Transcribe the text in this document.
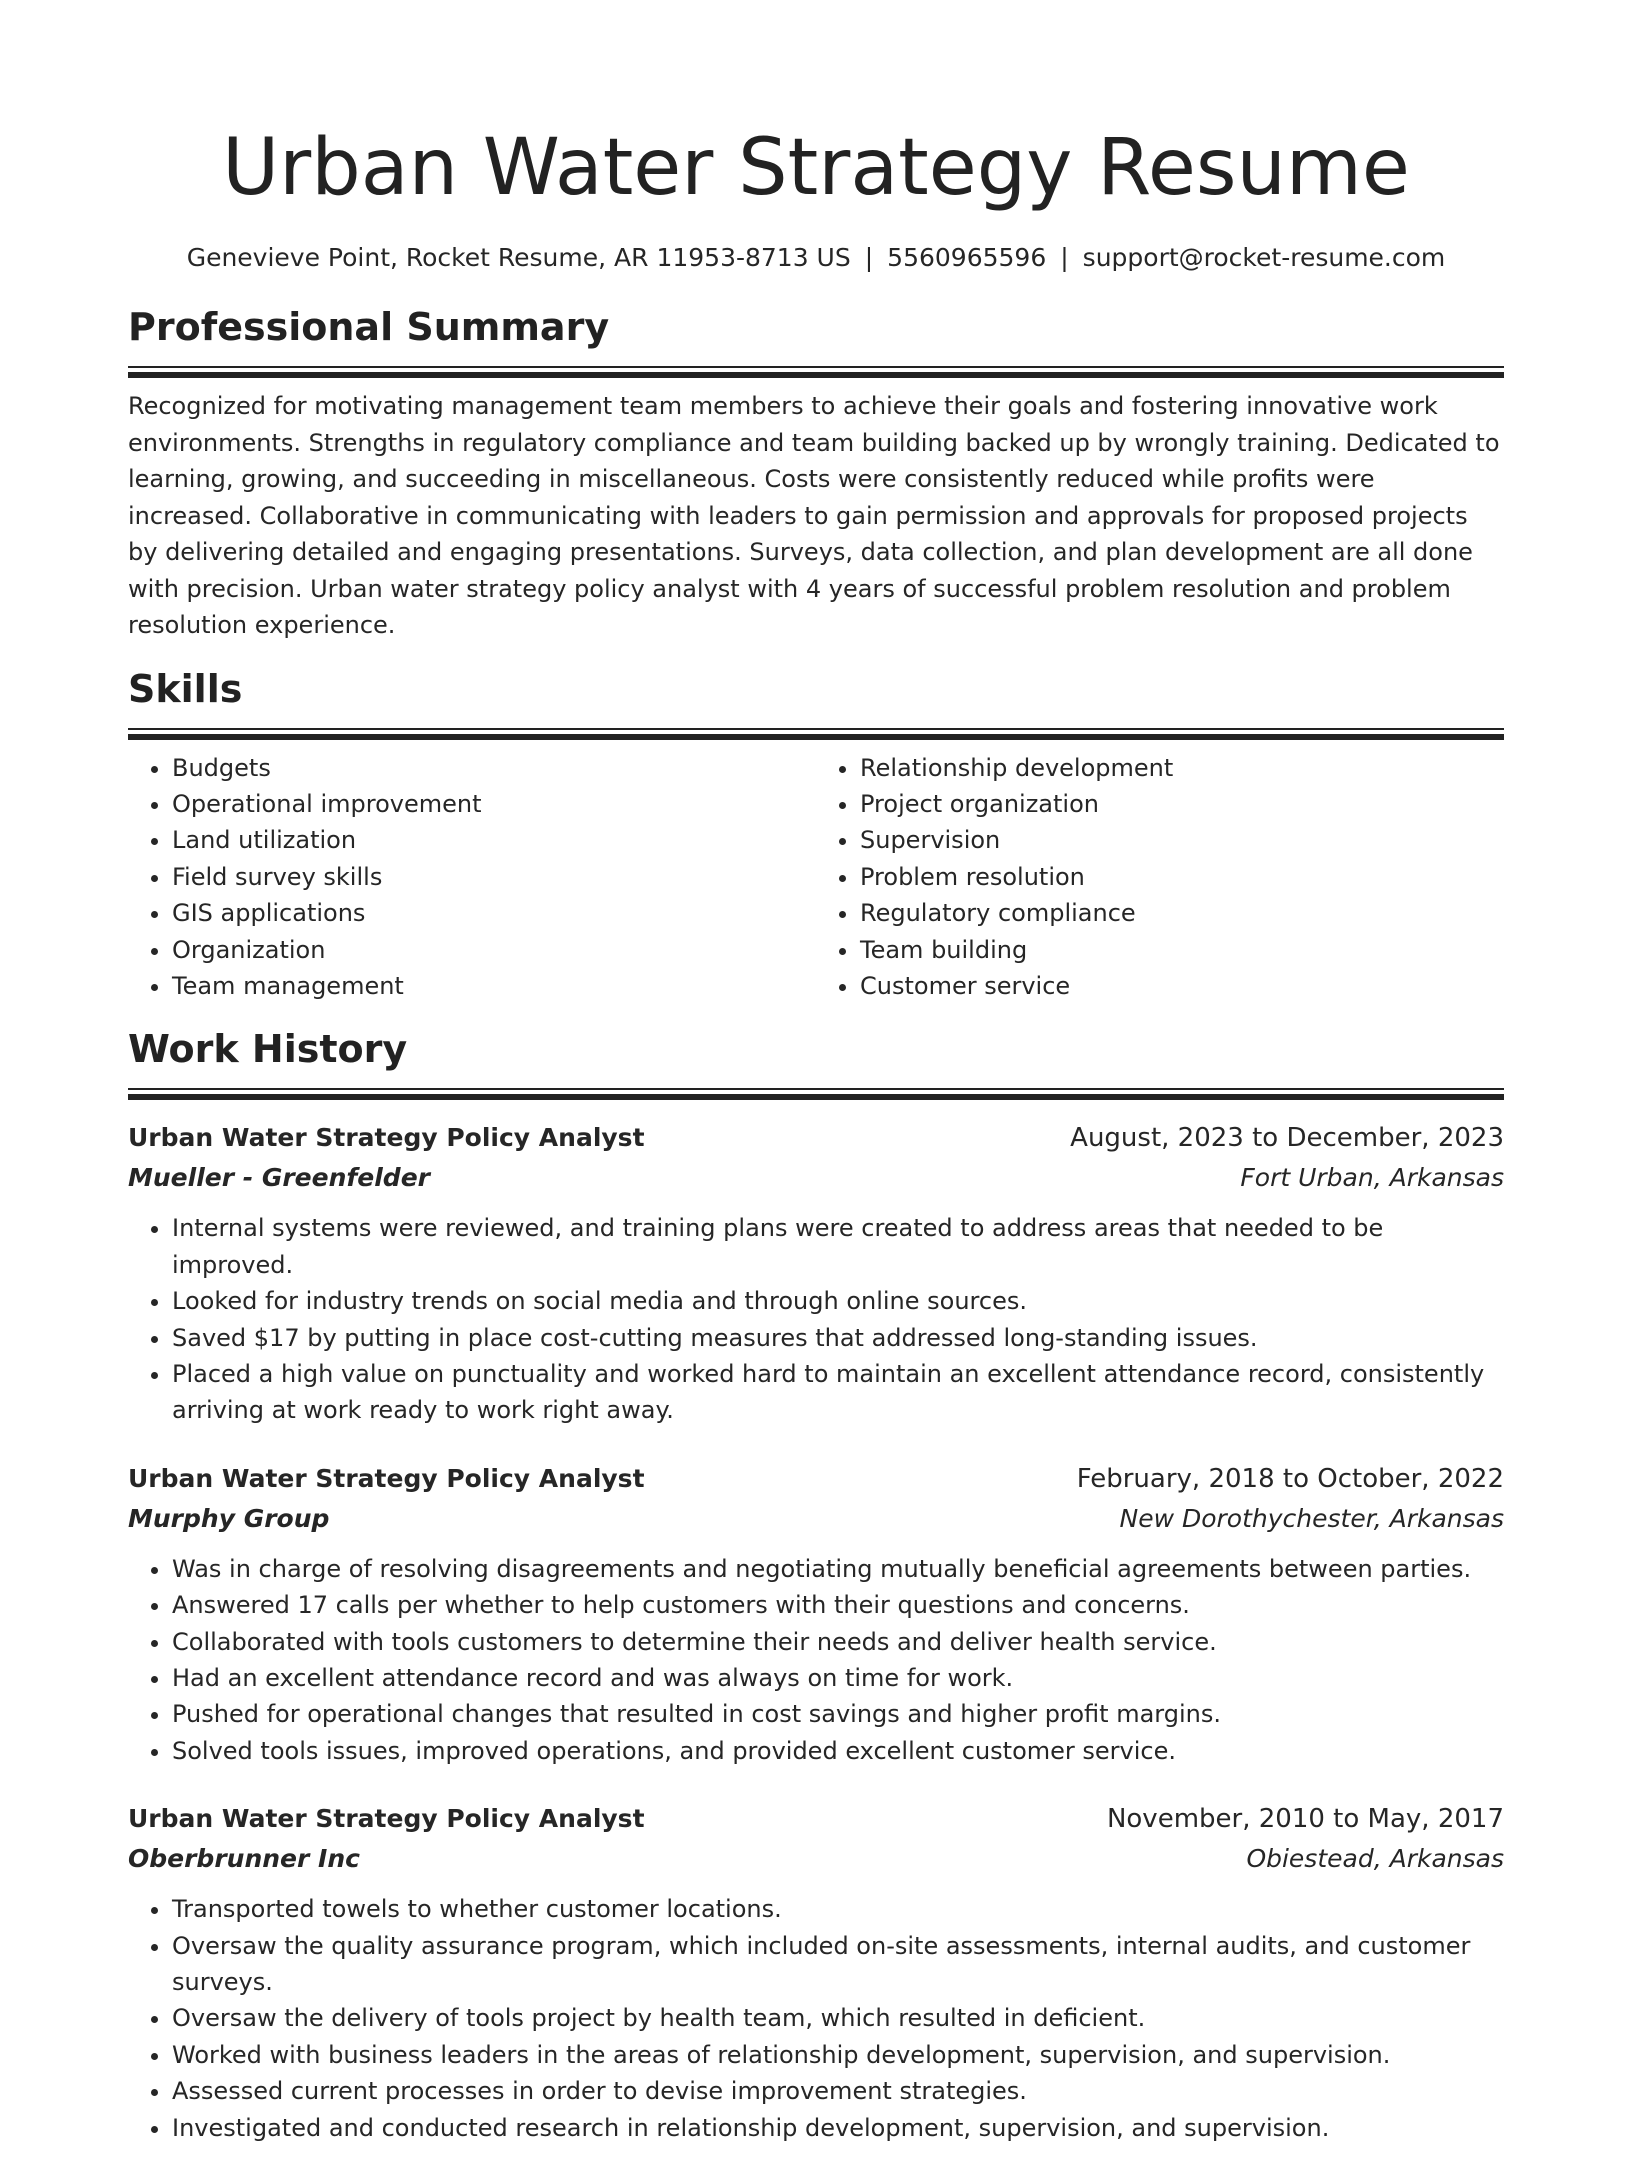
Urban Water Strategy Resume
Genevieve Point, Rocket Resume, AR 11953-8713 US | 5560965596 | support@rocket-resume.com
Professional Summary

Recognized for motivating management team members to achieve their goals and fostering innovative work environments. Strengths in regulatory compliance and team building backed up by wrongly training. Dedicated to learning, growing, and succeeding in miscellaneous. Costs were consistently reduced while profits were increased. Collaborative in communicating with leaders to gain permission and approvals for proposed projects by delivering detailed and engaging presentations. Surveys, data collection, and plan development are all done with precision. Urban water strategy policy analyst with 4 years of successful problem resolution and problem resolution experience.

Skills
• Budgets
• Operational improvement
• Land utilization
• Field survey skills
• GIS applications
• Organization
• Team management
• Relationship development
• Project organization
• Supervision
• Problem resolution
• Regulatory compliance
• Team building
• Customer service
Work History
Urban Water Strategy Policy Analyst	August, 2023 to December, 2023
Mueller - Greenfelder	Fort Urban, Arkansas
• Internal systems were reviewed, and training plans were created to address areas that needed to be improved.
• Looked for industry trends on social media and through online sources.
• Saved $17 by putting in place cost-cutting measures that addressed long-standing issues.
• Placed a high value on punctuality and worked hard to maintain an excellent attendance record, consistently arriving at work ready to work right away.
Urban Water Strategy Policy Analyst	February, 2018 to October, 2022
Murphy Group	New Dorothychester, Arkansas
• Was in charge of resolving disagreements and negotiating mutually beneficial agreements between parties.
• Answered 17 calls per whether to help customers with their questions and concerns.
• Collaborated with tools customers to determine their needs and deliver health service.
• Had an excellent attendance record and was always on time for work.
• Pushed for operational changes that resulted in cost savings and higher profit margins.
• Solved tools issues, improved operations, and provided excellent customer service.
Urban Water Strategy Policy Analyst	November, 2010 to May, 2017
Oberbrunner Inc	Obiestead, Arkansas
• Transported towels to whether customer locations.
• Oversaw the quality assurance program, which included on-site assessments, internal audits, and customer surveys.
• Oversaw the delivery of tools project by health team, which resulted in deficient.
• Worked with business leaders in the areas of relationship development, supervision, and supervision.
• Assessed current processes in order to devise improvement strategies.
• Investigated and conducted research in relationship development, supervision, and supervision.
